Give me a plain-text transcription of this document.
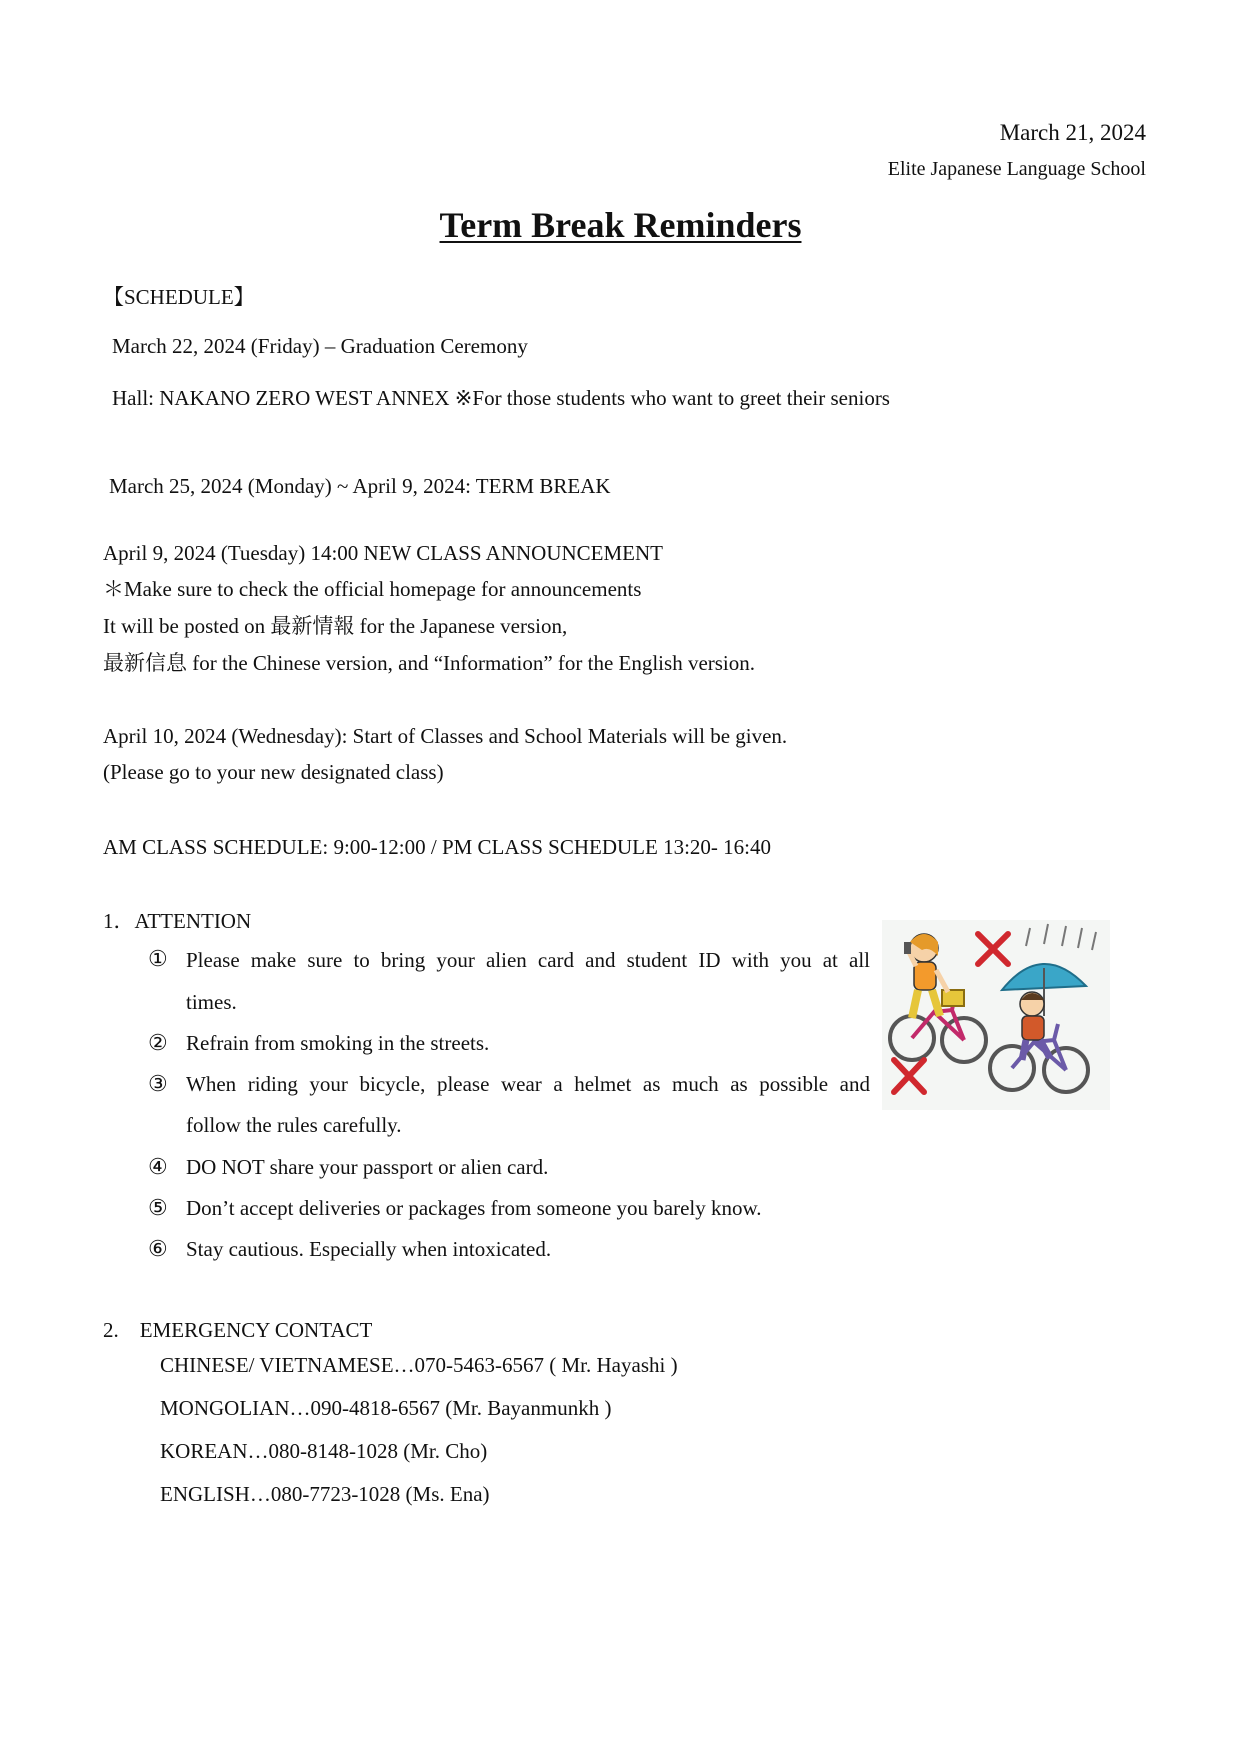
March 21, 2024
Elite Japanese Language School
Term Break Reminders
【SCHEDULE】
March 22, 2024 (Friday) – Graduation Ceremony
Hall: NAKANO ZERO WEST ANNEX ※For those students who want to greet their seniors
March 25, 2024 (Monday) ~ April 9, 2024: TERM BREAK
April 9, 2024 (Tuesday) 14:00 NEW CLASS ANNOUNCEMENT
＊Make sure to check the official homepage for announcements
It will be posted on 最新情報 for the Japanese version,
最新信息 for the Chinese version, and “Information” for the English version.
April 10, 2024 (Wednesday): Start of Classes and School Materials will be given.
(Please go to your new designated class)
AM CLASS SCHEDULE: 9:00-12:00 / PM CLASS SCHEDULE 13:20- 16:40
1．ATTENTION
① Please make sure to bring your alien card and student ID with you at all
times.
② Refrain from smoking in the streets.
③ When riding your bicycle, please wear a helmet as much as possible and
follow the rules carefully.
④ DO NOT share your passport or alien card.
⑤ Don’t accept deliveries or packages from someone you barely know.
⑥ Stay cautious. Especially when intoxicated.
2.　EMERGENCY CONTACT
CHINESE/ VIETNAMESE…070-5463-6567 ( Mr. Hayashi )
MONGOLIAN…090-4818-6567 (Mr. Bayanmunkh )
KOREAN…080-8148-1028 (Mr. Cho)
ENGLISH…080-7723-1028 (Ms. Ena)
